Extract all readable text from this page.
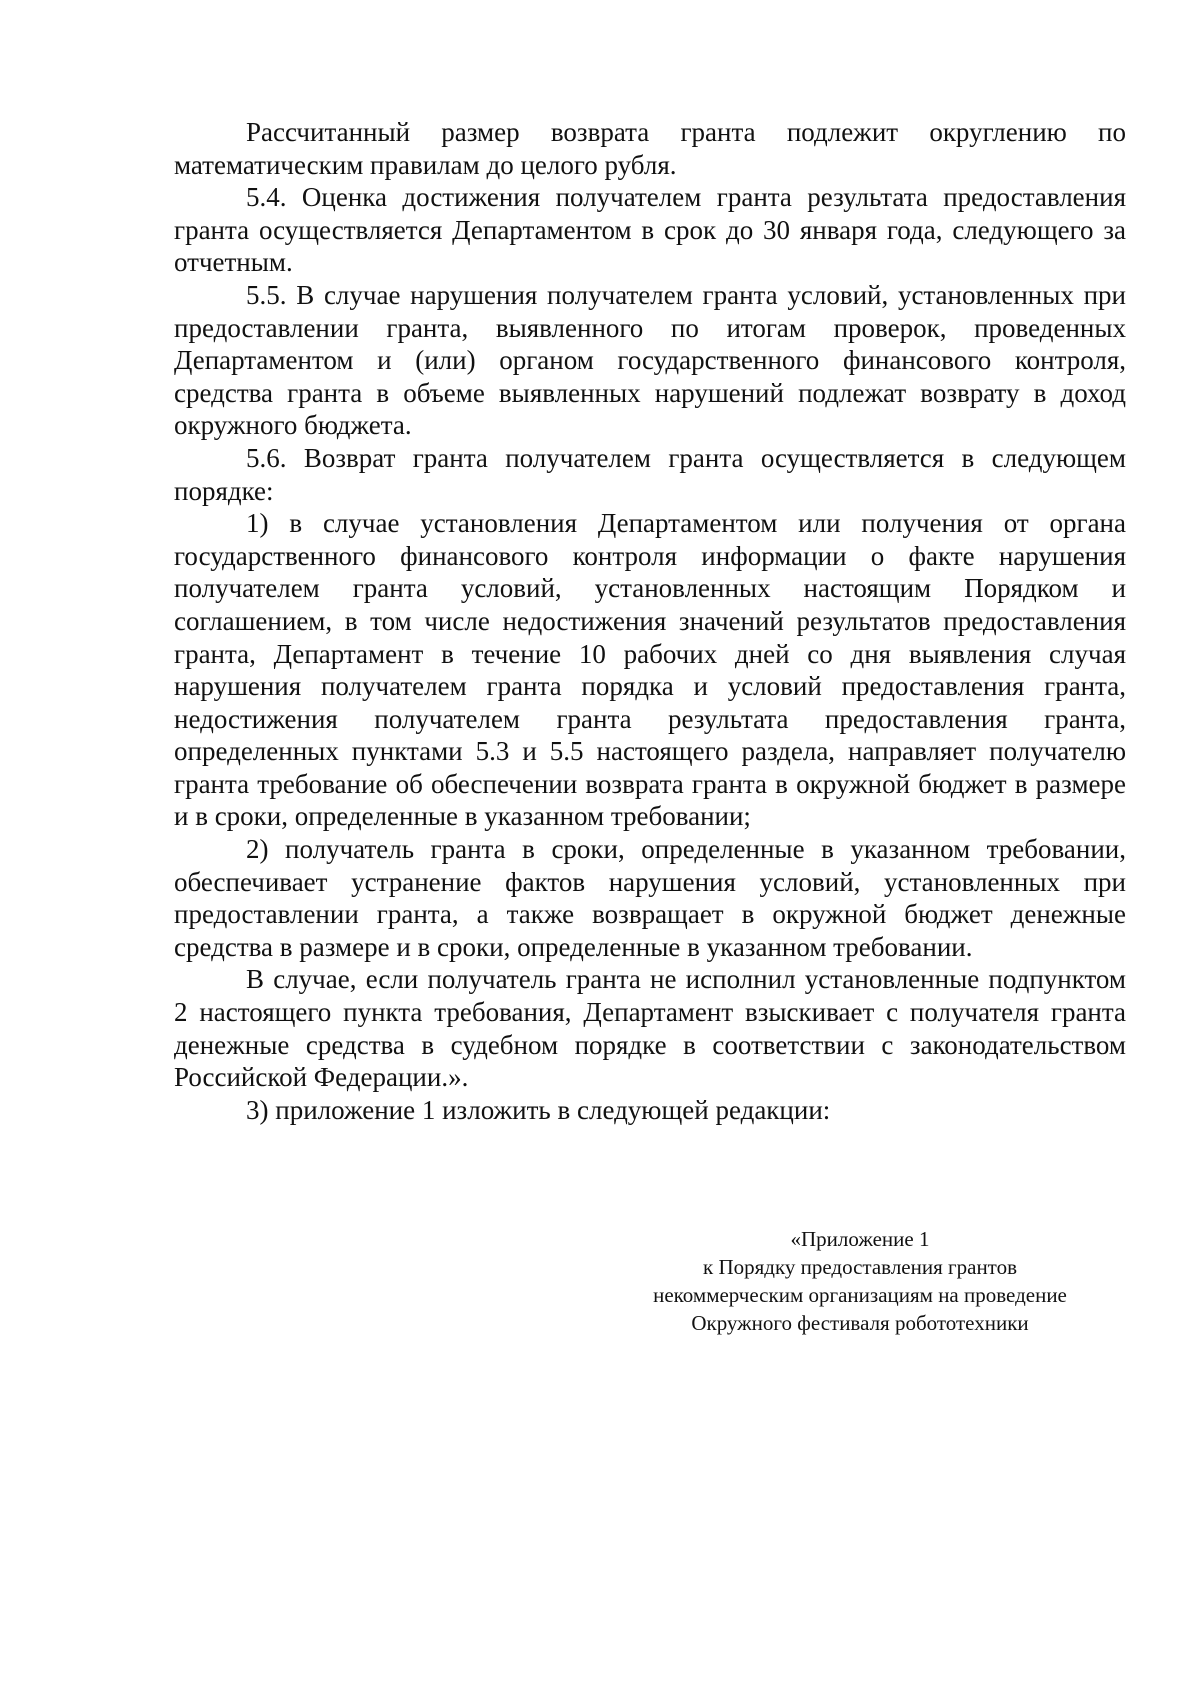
Рассчитанный размер возврата гранта подлежит округлению по математическим правилам до целого рубля.

5.4. Оценка достижения получателем гранта результата предоставления гранта осуществляется Департаментом в срок до 30 января года, следующего за отчетным.

5.5. В случае нарушения получателем гранта условий, установленных при предоставлении гранта, выявленного по итогам проверок, проведенных Департаментом и (или) органом государственного финансового контроля, средства гранта в объеме выявленных нарушений подлежат возврату в доход окружного бюджета.

5.6. Возврат гранта получателем гранта осуществляется в следующем порядке:

1) в случае установления Департаментом или получения от органа государственного финансового контроля информации о факте нарушения получателем гранта условий, установленных настоящим Порядком и соглашением, в том числе недостижения значений результатов предоставления гранта, Департамент в течение 10 рабочих дней со дня выявления случая нарушения получателем гранта порядка и условий предоставления гранта, недостижения получателем гранта результата предоставления гранта, определенных пунктами 5.3 и 5.5 настоящего раздела, направляет получателю гранта требование об обеспечении возврата гранта в окружной бюджет в размере и в сроки, определенные в указанном требовании;

2) получатель гранта в сроки, определенные в указанном требовании, обеспечивает устранение фактов нарушения условий, установленных при предоставлении гранта, а также возвращает в окружной бюджет денежные средства в размере и в сроки, определенные в указанном требовании.

В случае, если получатель гранта не исполнил установленные подпунктом 2 настоящего пункта требования, Департамент взыскивает с получателя гранта денежные средства в судебном порядке в соответствии с законодательством Российской Федерации.».

3) приложение 1 изложить в следующей редакции:

«Приложение 1
к Порядку предоставления грантов
некоммерческим организациям на проведение
Окружного фестиваля робототехники
